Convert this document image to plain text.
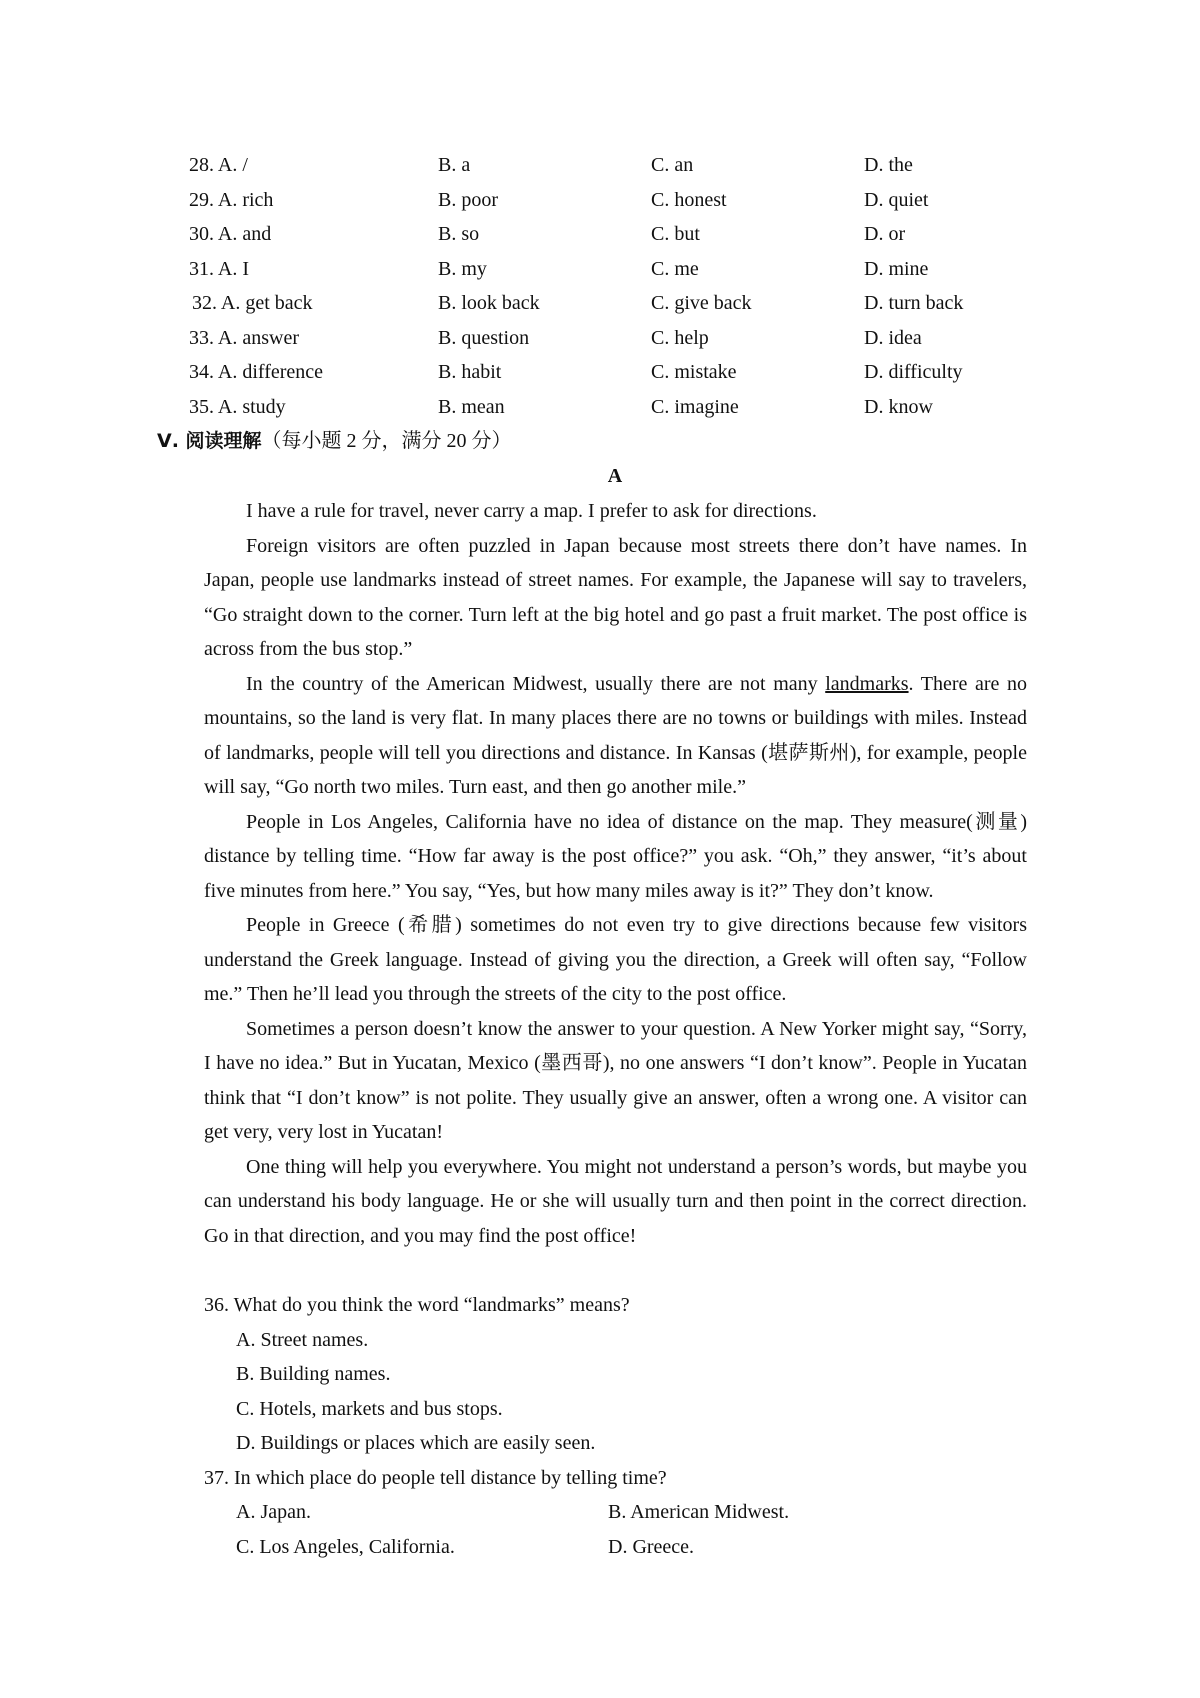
28. A. /	B. a	C. an	D. the
29. A. rich	B. poor	C. honest	D. quiet
30. A. and	B. so	C. but	D. or
31. A. I	B. my	C. me	D. mine
32. A. get back	B. look back	C. give back	D. turn back
33. A. answer	B. question	C. help	D. idea
34. A. difference	B. habit	C. mistake	D. difficulty
35. A. study	B. mean	C. imagine	D. know
Ⅴ. 阅读理解（每小题 2 分，满分 20 分）
A

I have a rule for travel, never carry a map. I prefer to ask for directions.

Foreign visitors are often puzzled in Japan because most streets there don’t have names. In Japan, people use landmarks instead of street names. For example, the Japanese will say to travelers, “Go straight down to the corner. Turn left at the big hotel and go past a fruit market. The post office is across from the bus stop.”

In the country of the American Midwest, usually there are not many landmarks. There are no mountains, so the land is very flat. In many places there are no towns or buildings with miles. Instead of landmarks, people will tell you directions and distance. In Kansas (堪萨斯州), for example, people will say, “Go north two miles. Turn east, and then go another mile.”

People in Los Angeles, California have no idea of distance on the map. They measure(测量) distance by telling time. “How far away is the post office?” you ask. “Oh,” they answer, “it’s about five minutes from here.” You say, “Yes, but how many miles away is it?” They don’t know.

People in Greece (希腊) sometimes do not even try to give directions because few visitors understand the Greek language. Instead of giving you the direction, a Greek will often say, “Follow me.” Then he’ll lead you through the streets of the city to the post office.

Sometimes a person doesn’t know the answer to your question. A New Yorker might say, “Sorry, I have no idea.” But in Yucatan, Mexico (墨西哥), no one answers “I don’t know”. People in Yucatan think that “I don’t know” is not polite. They usually give an answer, often a wrong one. A visitor can get very, very lost in Yucatan!

One thing will help you everywhere. You might not understand a person’s words, but maybe you can understand his body language. He or she will usually turn and then point in the correct direction. Go in that direction, and you may find the post office!

36. What do you think the word “landmarks” means?
A. Street names.
B. Building names.
C. Hotels, markets and bus stops.
D. Buildings or places which are easily seen.
37. In which place do people tell distance by telling time?
A. Japan.	B. American Midwest.
C. Los Angeles, California.	D. Greece.
